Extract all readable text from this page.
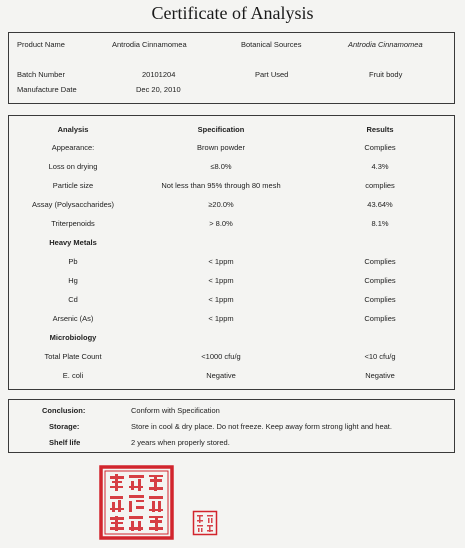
Certificate of Analysis
Product Name	Antrodia Cinnamomea	Botanical Sources	Antrodia Cinnamomea
Batch Number	20101204	Part Used	Fruit body
Manufacture Date	Dec 20, 2010
Analysis	Specification	Results
Appearance:	Brown powder	Complies
Loss on drying	≤8.0%	4.3%
Particle size	Not less than 95% through 80 mesh	complies
Assay (Polysaccharides)	≥20.0%	43.64%
Triterpenoids	> 8.0%	8.1%
Heavy Metals
Pb	< 1ppm	Complies
Hg	< 1ppm	Complies
Cd	< 1ppm	Complies
Arsenic (As)	< 1ppm	Complies
Microbiology
Total Plate Count	<1000 cfu/g	<10 cfu/g
E. coli	Negative	Negative
Conclusion:	Conform with Specification
Storage:	Store in cool & dry place. Do not freeze. Keep away form strong light and heat.
Shelf life	2 years when properly stored.
